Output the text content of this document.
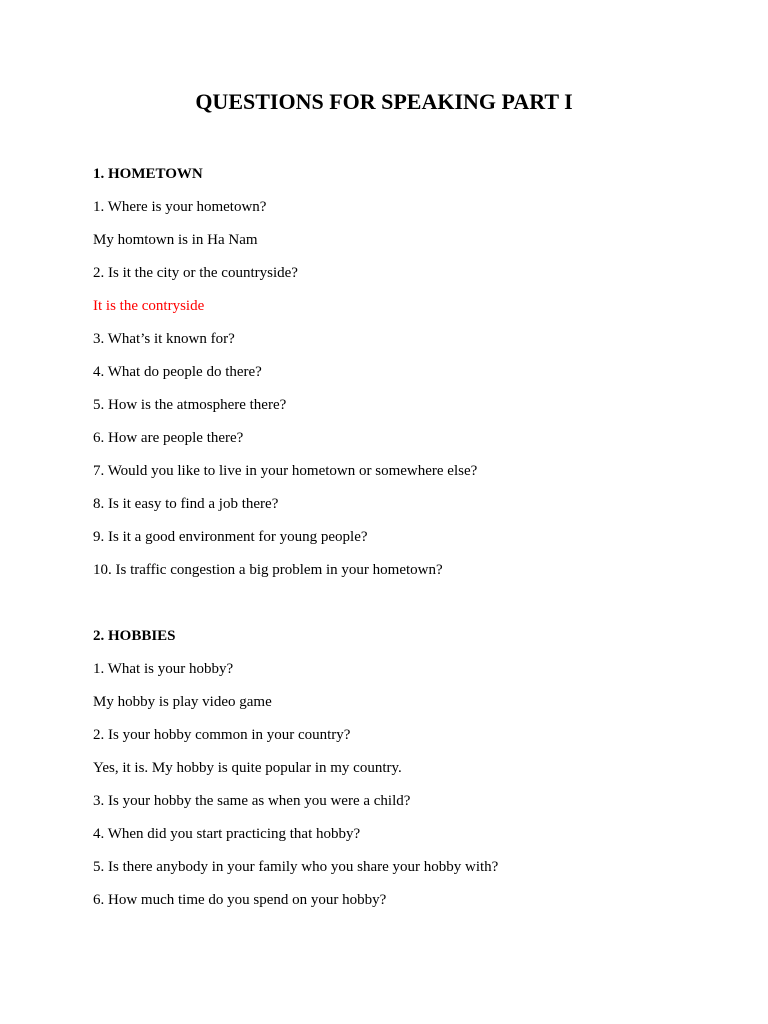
QUESTIONS FOR SPEAKING PART I

1. HOMETOWN

1. Where is your hometown?

My homtown is in Ha Nam

2. Is it the city or the countryside?

It is the contryside

3. What’s it known for?

4. What do people do there?

5. How is the atmosphere there?

6. How are people there?

7. Would you like to live in your hometown or somewhere else?

8. Is it easy to find a job there?

9. Is it a good environment for young people?

10. Is traffic congestion a big problem in your hometown?

2. HOBBIES

1. What is your hobby?

My hobby is play video game

2. Is your hobby common in your country?

Yes, it is. My hobby is quite popular in my country.

3. Is your hobby the same as when you were a child?

4. When did you start practicing that hobby?

5. Is there anybody in your family who you share your hobby with?

6. How much time do you spend on your hobby?
